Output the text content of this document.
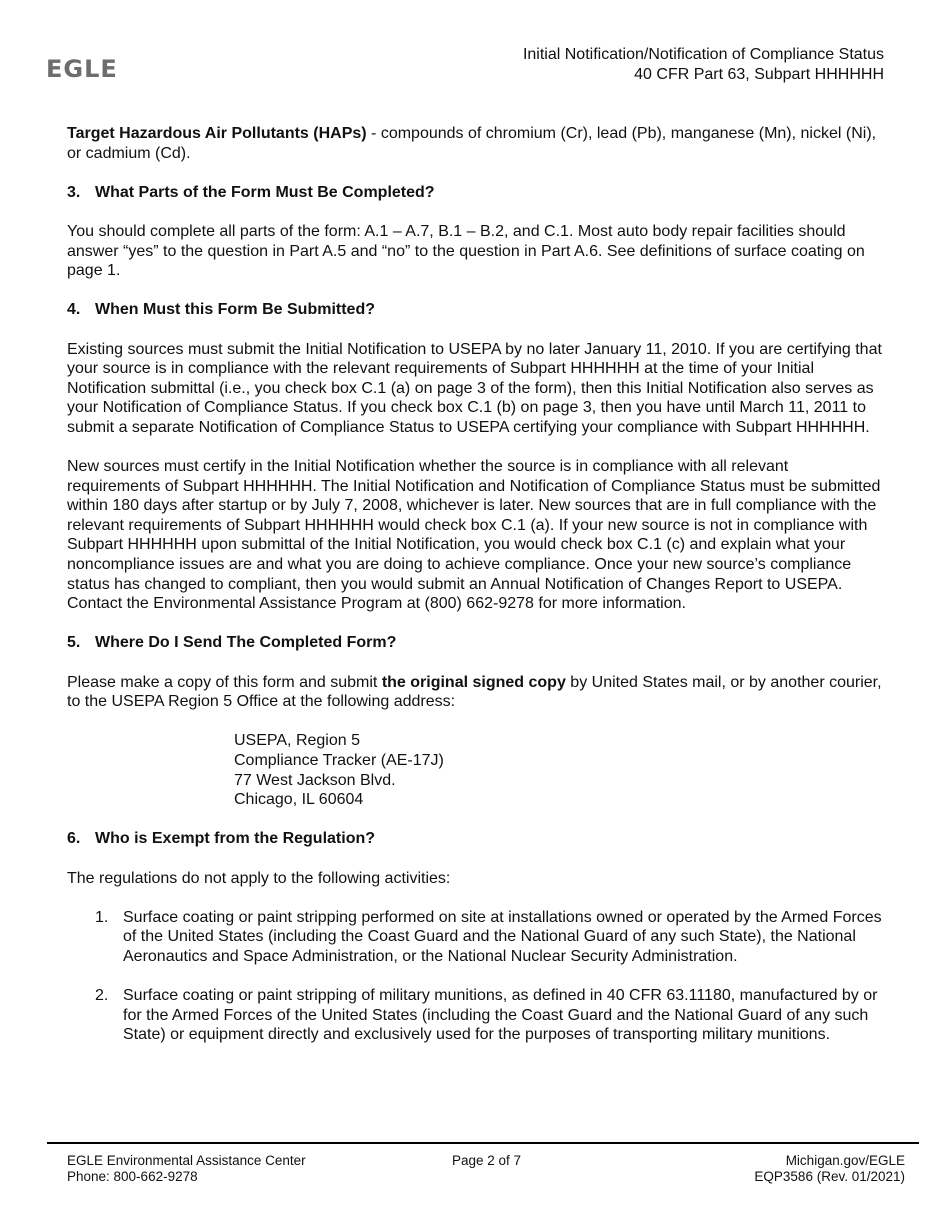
EGLE
Initial Notification/Notification of Compliance Status
40 CFR Part 63, Subpart HHHHHH

Target Hazardous Air Pollutants (HAPs) - compounds of chromium (Cr), lead (Pb), manganese (Mn), nickel (Ni), or cadmium (Cd).

3. What Parts of the Form Must Be Completed?

You should complete all parts of the form: A.1 – A.7, B.1 – B.2, and C.1. Most auto body repair facilities should answer “yes” to the question in Part A.5 and “no” to the question in Part A.6. See definitions of surface coating on page 1.

4. When Must this Form Be Submitted?

Existing sources must submit the Initial Notification to USEPA by no later January 11, 2010. If you are certifying that your source is in compliance with the relevant requirements of Subpart HHHHHH at the time of your Initial Notification submittal (i.e., you check box C.1 (a) on page 3 of the form), then this Initial Notification also serves as your Notification of Compliance Status. If you check box C.1 (b) on page 3, then you have until March 11, 2011 to submit a separate Notification of Compliance Status to USEPA certifying your compliance with Subpart HHHHHH.

New sources must certify in the Initial Notification whether the source is in compliance with all relevant requirements of Subpart HHHHHH. The Initial Notification and Notification of Compliance Status must be submitted within 180 days after startup or by July 7, 2008, whichever is later. New sources that are in full compliance with the relevant requirements of Subpart HHHHHH would check box C.1 (a). If your new source is not in compliance with Subpart HHHHHH upon submittal of the Initial Notification, you would check box C.1 (c) and explain what your noncompliance issues are and what you are doing to achieve compliance. Once your new source’s compliance status has changed to compliant, then you would submit an Annual Notification of Changes Report to USEPA. Contact the Environmental Assistance Program at (800) 662-9278 for more information.

5. Where Do I Send The Completed Form?

Please make a copy of this form and submit the original signed copy by United States mail, or by another courier, to the USEPA Region 5 Office at the following address:

USEPA, Region 5
Compliance Tracker (AE-17J)
77 West Jackson Blvd.
Chicago, IL 60604
6. Who is Exempt from the Regulation?

The regulations do not apply to the following activities:

1. Surface coating or paint stripping performed on site at installations owned or operated by the Armed Forces of the United States (including the Coast Guard and the National Guard of any such State), the National Aeronautics and Space Administration, or the National Nuclear Security Administration.
2. Surface coating or paint stripping of military munitions, as defined in 40 CFR 63.11180, manufactured by or for the Armed Forces of the United States (including the Coast Guard and the National Guard of any such State) or equipment directly and exclusively used for the purposes of transporting military munitions.
EGLE Environmental Assistance Center
Phone: 800-662-9278
Page 2 of 7	Michigan.gov/EGLE
EQP3586 (Rev. 01/2021)
